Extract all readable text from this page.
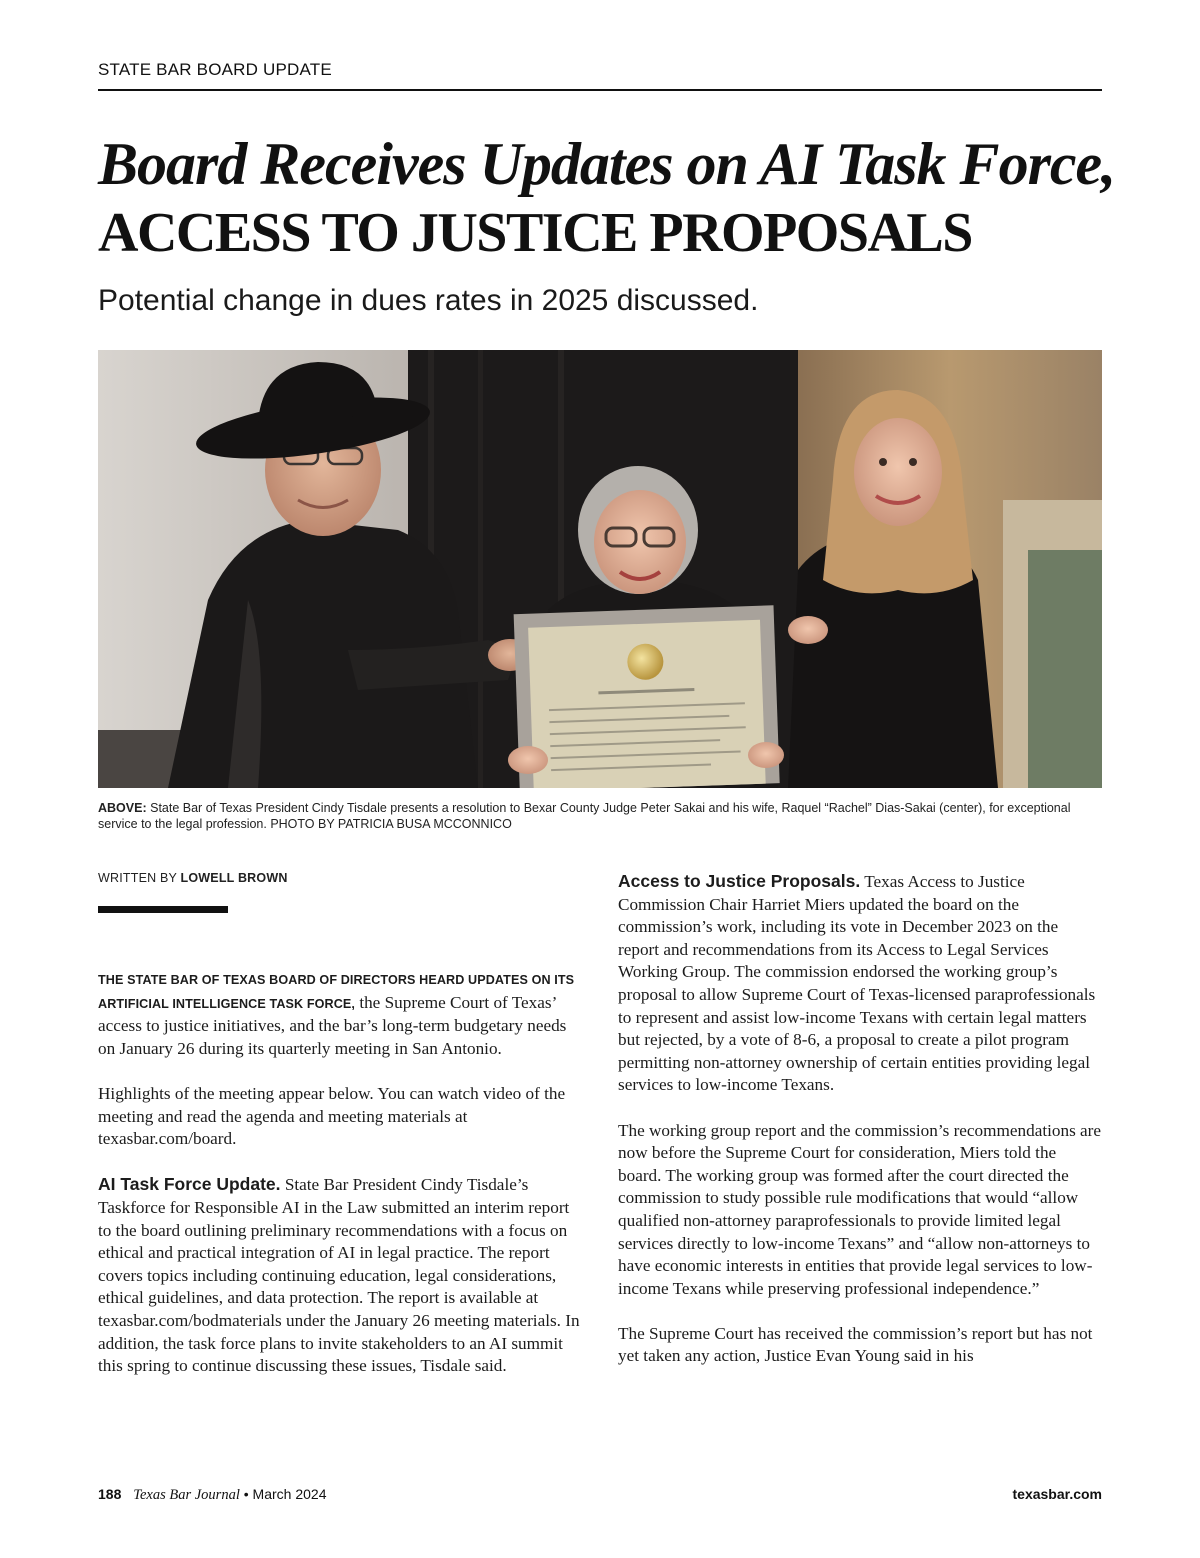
STATE BAR BOARD UPDATE
Board Receives Updates on AI Task Force,
ACCESS TO JUSTICE PROPOSALS
Potential change in dues rates in 2025 discussed.
ABOVE: State Bar of Texas President Cindy Tisdale presents a resolution to Bexar County Judge Peter Sakai and his wife, Raquel “Rachel” Dias-Sakai (center), for exceptional service to the legal profession. PHOTO BY PATRICIA BUSA MCCONNICO
WRITTEN BY LOWELL BROWN

THE STATE BAR OF TEXAS BOARD OF DIRECTORS HEARD UPDATES ON ITS ARTIFICIAL INTELLIGENCE TASK FORCE, the Supreme Court of Texas’ access to justice initiatives, and the bar’s long-term budgetary needs on January 26 during its quarterly meeting in San Antonio.

Highlights of the meeting appear below. You can watch video of the meeting and read the agenda and meeting materials at texasbar.com/board.

AI Task Force Update. State Bar President Cindy Tisdale’s Taskforce for Responsible AI in the Law submitted an interim report to the board outlining preliminary recommendations with a focus on ethical and practical integration of AI in legal practice. The report covers topics including continuing education, legal considerations, ethical guidelines, and data protection. The report is available at texasbar.com/bodmaterials under the January 26 meeting materials. In addition, the task force plans to invite stakeholders to an AI summit this spring to continue discussing these issues, Tisdale said.

Access to Justice Proposals. Texas Access to Justice Commission Chair Harriet Miers updated the board on the commission’s work, including its vote in December 2023 on the report and recommendations from its Access to Legal Services Working Group. The commission endorsed the working group’s proposal to allow Supreme Court of Texas-licensed paraprofessionals to represent and assist low-income Texans with certain legal matters but rejected, by a vote of 8-6, a proposal to create a pilot program permitting non-attorney ownership of certain entities providing legal services to low-income Texans.

The working group report and the commission’s recommendations are now before the Supreme Court for consideration, Miers told the board. The working group was formed after the court directed the commission to study possible rule modifications that would “allow qualified non-attorney paraprofessionals to provide limited legal services directly to low-income Texans” and “allow non-attorneys to have economic interests in entities that provide legal services to low-income Texans while preserving professional independence.”

The Supreme Court has received the commission’s report but has not yet taken any action, Justice Evan Young said in his

188 Texas Bar Journal • March 2024	texasbar.com
